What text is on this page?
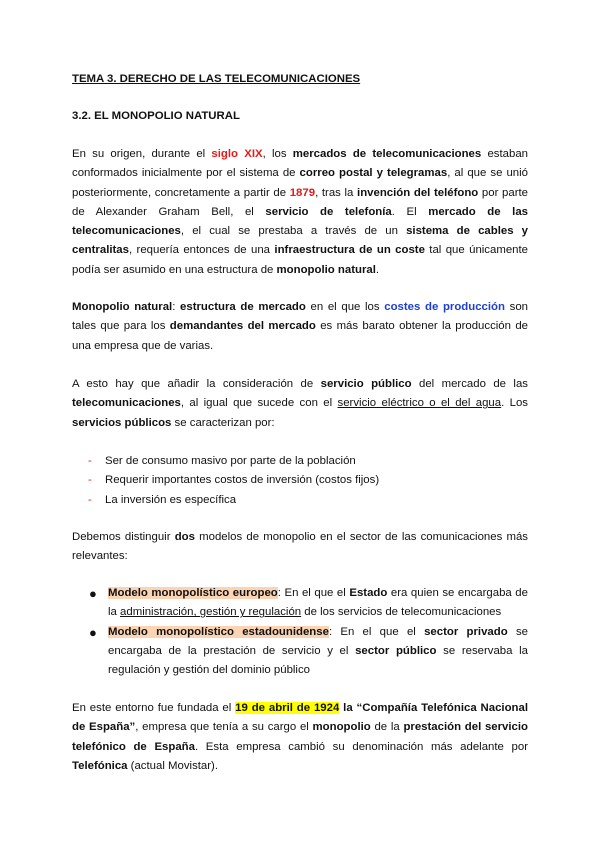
TEMA 3. DERECHO DE LAS TELECOMUNICACIONES

3.2. EL MONOPOLIO NATURAL

En su origen, durante el siglo XIX, los mercados de telecomunicaciones estaban conformados inicialmente por el sistema de correo postal y telegramas, al que se unió posteriormente, concretamente a partir de 1879, tras la invención del teléfono por parte de Alexander Graham Bell, el servicio de telefonía. El mercado de las telecomunicaciones, el cual se prestaba a través de un sistema de cables y centralitas, requería entonces de una infraestructura de un coste tal que únicamente podía ser asumido en una estructura de monopolio natural.

Monopolio natural: estructura de mercado en el que los costes de producción son tales que para los demandantes del mercado es más barato obtener la producción de una empresa que de varias.

A esto hay que añadir la consideración de servicio público del mercado de las telecomunicaciones, al igual que sucede con el servicio eléctrico o el del agua. Los servicios públicos se caracterizan por:

-	Ser de consumo masivo por parte de la población
-	Requerir importantes costos de inversión (costos fijos)
-	La inversión es específica

Debemos distinguir dos modelos de monopolio en el sector de las comunicaciones más relevantes:

● Modelo monopolístico europeo: En el que el Estado era quien se encargaba de la administración, gestión y regulación de los servicios de telecomunicaciones
● Modelo monopolístico estadounidense: En el que el sector privado se encargaba de la prestación de servicio y el sector público se reservaba la regulación y gestión del dominio público

En este entorno fue fundada el 19 de abril de 1924 la “Compañía Telefónica Nacional de España”, empresa que tenía a su cargo el monopolio de la prestación del servicio telefónico de España. Esta empresa cambió su denominación más adelante por Telefónica (actual Movistar).
